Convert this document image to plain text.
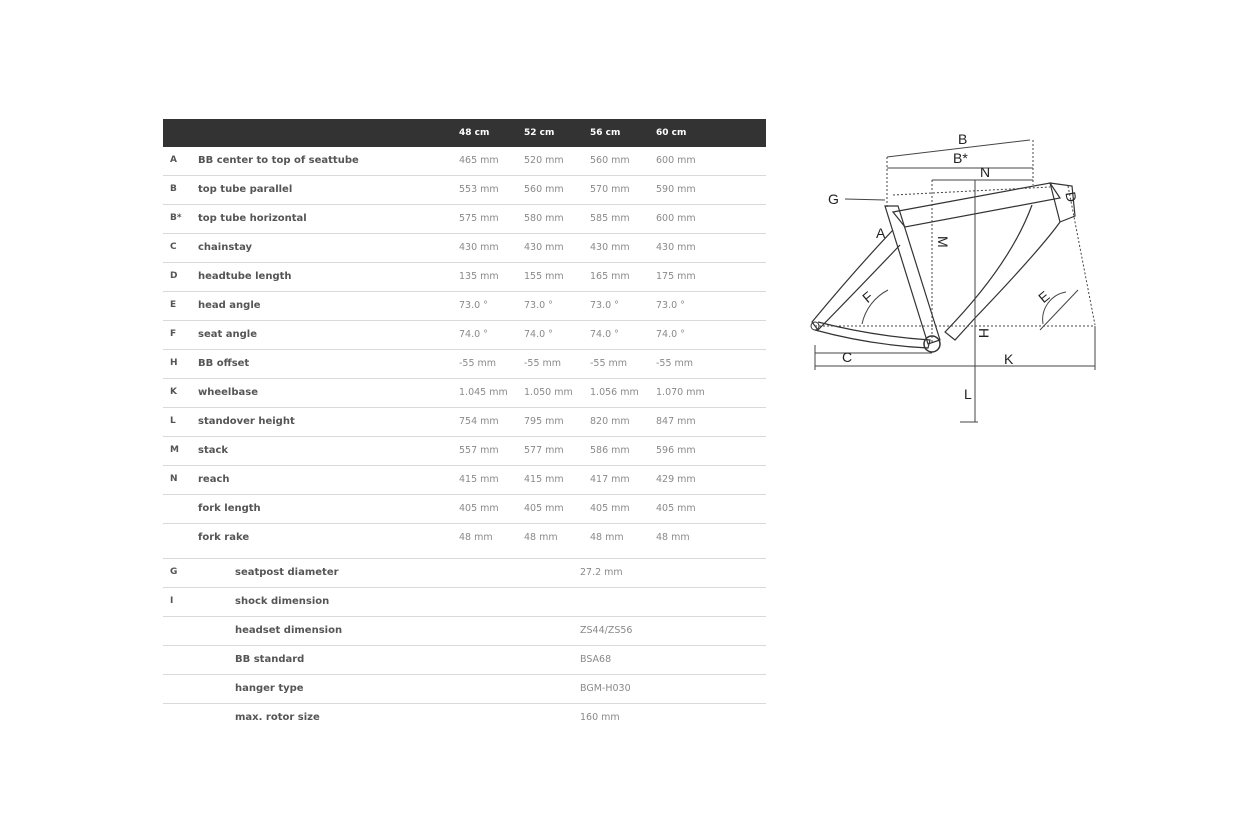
48 cm	52 cm	56 cm	60 cm
A BB center to top of seattube	465 mm	520 mm	560 mm	600 mm
B top tube parallel	553 mm	560 mm	570 mm	590 mm
B* top tube horizontal	575 mm	580 mm	585 mm	600 mm
C chainstay	430 mm	430 mm	430 mm	430 mm
D headtube length	135 mm	155 mm	165 mm	175 mm
E head angle	73.0 °	73.0 °	73.0 °	73.0 °
F seat angle	74.0 °	74.0 °	74.0 °	74.0 °
H BB offset	-55 mm	-55 mm	-55 mm	-55 mm
K wheelbase	1.045 mm 1.050 mm 1.056 mm 1.070 mm
L standover height	754 mm	795 mm	820 mm	847 mm
M stack	557 mm	577 mm	586 mm	596 mm
N reach	415 mm	415 mm	417 mm	429 mm
fork length	405 mm	405 mm	405 mm	405 mm
fork rake	48 mm	48 mm	48 mm	48 mm
G	seatpost diameter	27.2 mm
I	shock dimension
headset dimension	ZS44/ZS56
BB standard	BSA68
hanger type	BGM-H030
max. rotor size	160 mm
B
B*
N
D
G
A
M
F	E
H
C	K
L
